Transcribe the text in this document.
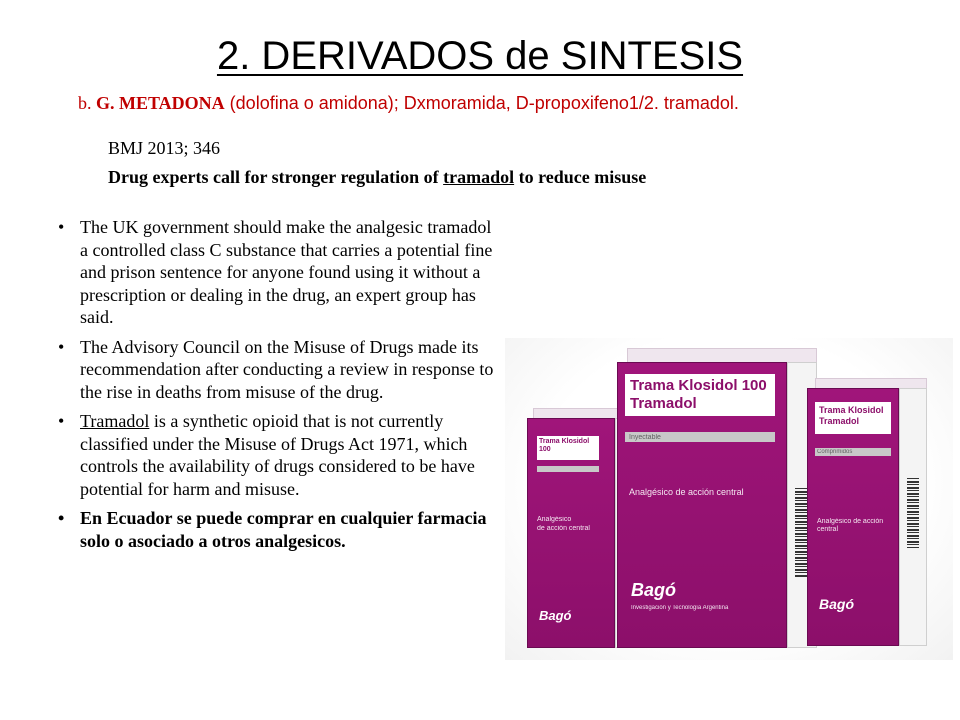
2. DERIVADOS de SINTESIS
b. G. METADONA (dolofina o amidona); Dxmoramida, D-propoxifeno1/2. tramadol.
BMJ 2013; 346
Drug experts call for stronger regulation of tramadol to reduce misuse
• The UK government should make the analgesic tramadol a controlled class C substance that carries a potential fine and prison sentence for anyone found using it without a prescription or dealing in the drug, an expert group has said.
• The Advisory Council on the Misuse of Drugs made its recommendation after conducting a review in response to the rise in deaths from misuse of the drug.
• Tramadol is a synthetic opioid that is not currently classified under the Misuse of Drugs Act 1971, which controls the availability of drugs considered to be have potential for harm and misuse.
• En Ecuador se puede comprar en cualquier farmacia solo o asociado a otros analgesicos.
Trama Klosidol 100
Analgésico
de acción central
Bagó
Trama Klosidol 100
Tramadol
Inyectable
Analgésico de acción central
Bagó
Investigación y Tecnología Argentina
Trama Klosidol
Tramadol
Comprimidos
Analgésico de acción central
Bagó
